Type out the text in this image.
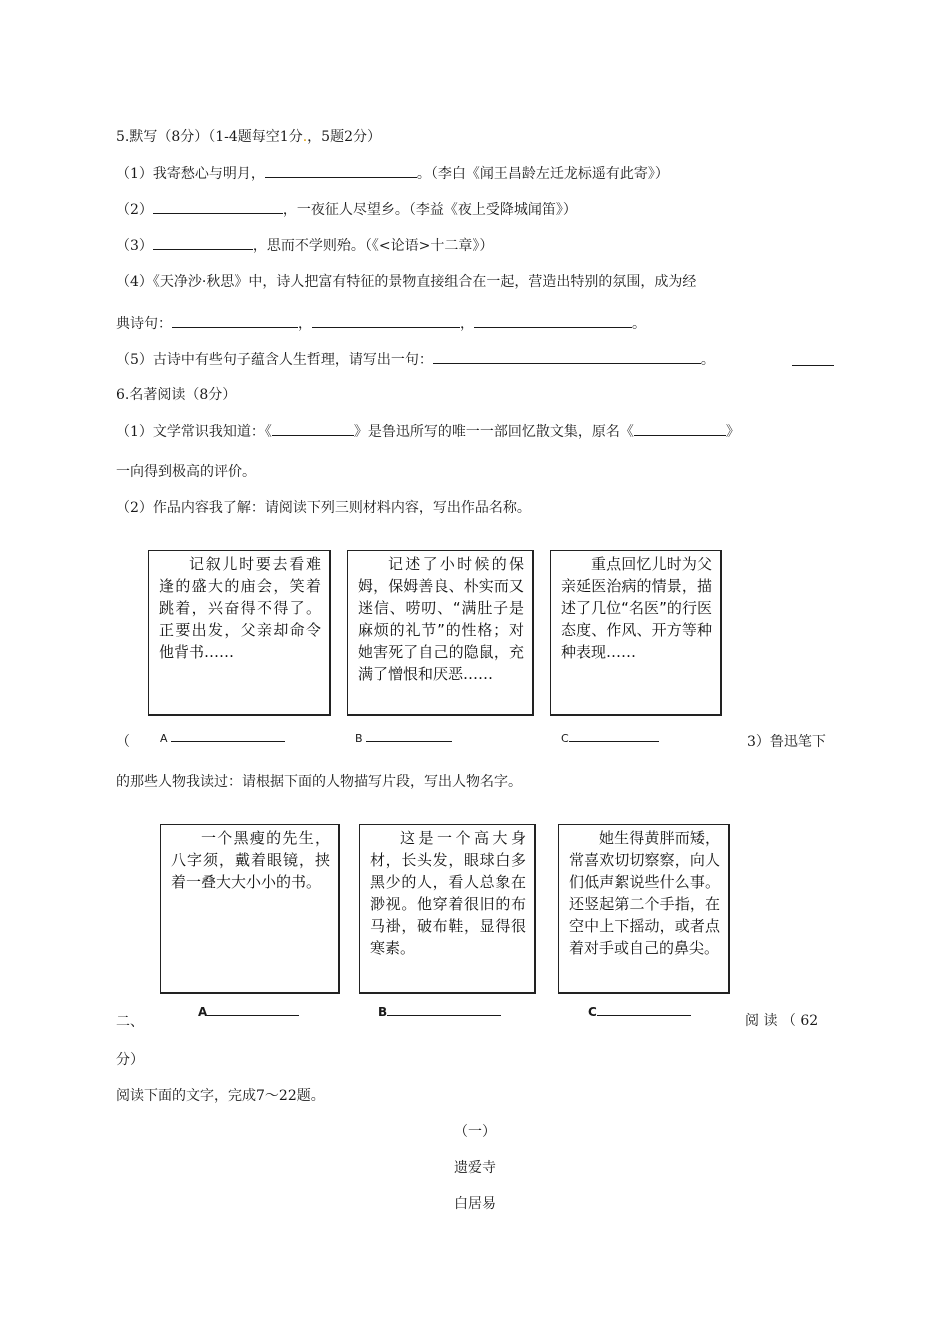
5.默写（8分）（1-4题每空1分.，5题2分）
（1）我寄愁心与明月，	。（李白《闻王昌龄左迁龙标遥有此寄》）
（2）	，一夜征人尽望乡。（李益《夜上受降城闻笛》）
（3）	，思而不学则殆。（《<论语>十二章》）
（4）《天净沙·秋思》中，诗人把富有特征的景物直接组合在一起，营造出特别的氛围，成为经
典诗句：	，	，	。
（5）古诗中有些句子蕴含人生哲理，请写出一句：	。
6.名著阅读（8分）
（1）文学常识我知道：《	》是鲁迅所写的唯一一部回忆散文集，原名《	》
一向得到极高的评价。
（2）作品内容我了解：请阅读下列三则材料内容，写出作品名称。

记叙儿时要去看难逢的盛大的庙会，笑着跳着，兴奋得不得了。正要出发，父亲却命令他背书……

记述了小时候的保姆，保姆善良、朴实而又迷信、唠叨、“满肚子是麻烦的礼节”的性格；对她害死了自己的隐鼠，充满了憎恨和厌恶……

重点回忆儿时为父亲延医治病的情景，描述了几位“名医”的行医态度、作风、开方等种种表现……

（	A	B	C	3）鲁迅笔下
的那些人物我读过：请根据下面的人物描写片段，写出人物名字。

一个黑瘦的先生，八字须，戴着眼镜，挟着一叠大大小小的书。

这是一个高大身材，长头发，眼球白多黑少的人，看人总象在渺视。他穿着很旧的布马褂，破布鞋，显得很寒素。

她生得黄胖而矮，常喜欢切切察察，向人们低声絮说些什么事。还竖起第二个手指，在空中上下摇动，或者点着对手或自己的鼻尖。

二、
A	B	C
阅 读 （ 62
分）
阅读下面的文字，完成7～22题。
（一）
遗爱寺
白居易
